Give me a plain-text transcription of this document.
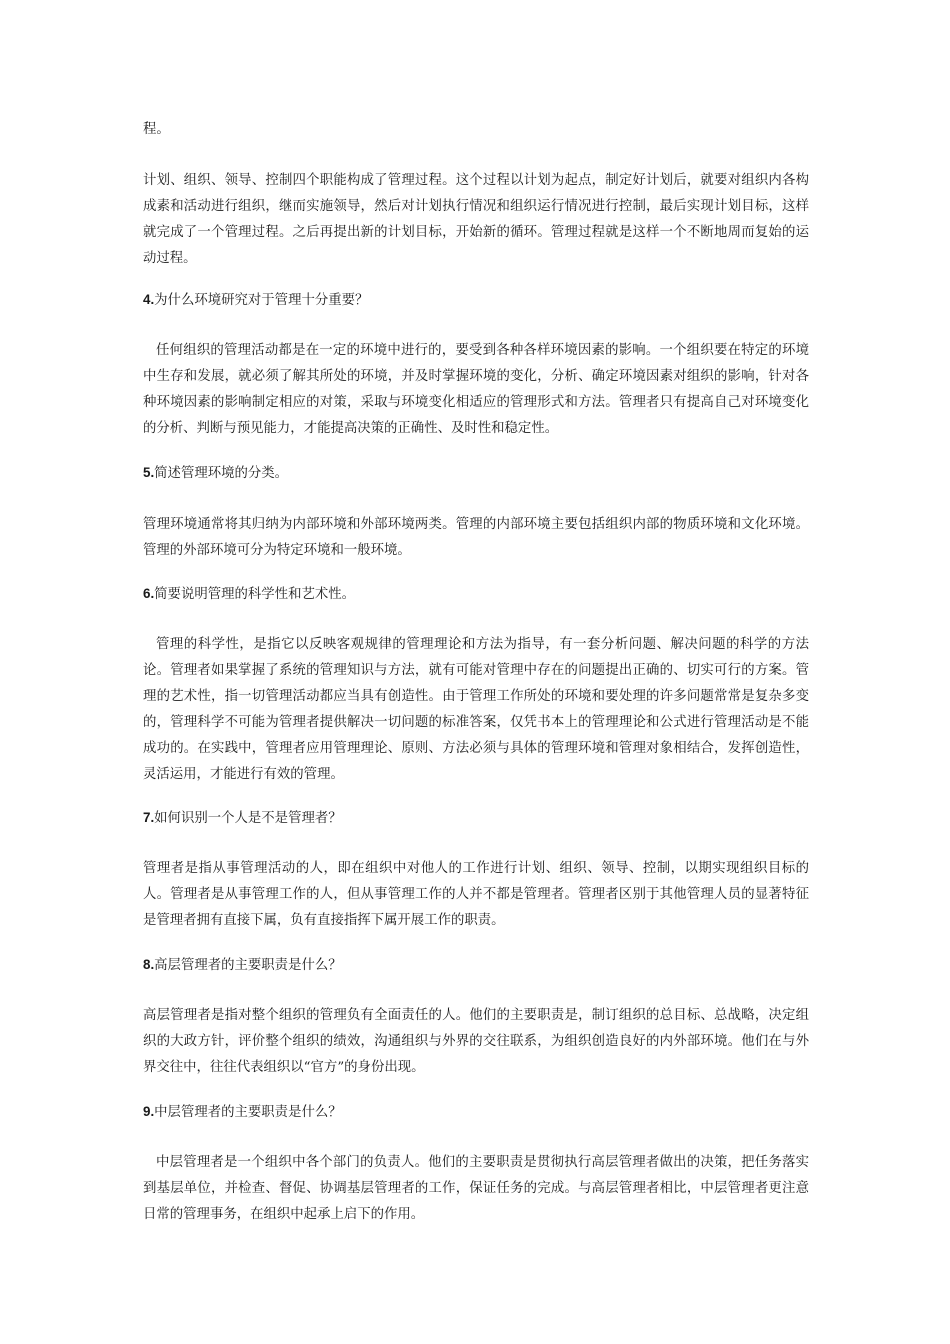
程。
计划、组织、领导、控制四个职能构成了管理过程。这个过程以计划为起点，制定好计划后，就要对组织内各构成素和活动进行组织，继而实施领导，然后对计划执行情况和组织运行情况进行控制，最后实现计划目标，这样就完成了一个管理过程。之后再提出新的计划目标，开始新的循环。管理过程就是这样一个不断地周而复始的运动过程。
4.为什么环境研究对于管理十分重要？
任何组织的管理活动都是在一定的环境中进行的，要受到各种各样环境因素的影响。一个组织要在特定的环境中生存和发展，就必须了解其所处的环境，并及时掌握环境的变化，分析、确定环境因素对组织的影响，针对各种环境因素的影响制定相应的对策，采取与环境变化相适应的管理形式和方法。管理者只有提高自己对环境变化的分析、判断与预见能力，才能提高决策的正确性、及时性和稳定性。
5.简述管理环境的分类。
管理环境通常将其归纳为内部环境和外部环境两类。管理的内部环境主要包括组织内部的物质环境和文化环境。管理的外部环境可分为特定环境和一般环境。
6.简要说明管理的科学性和艺术性。
管理的科学性，是指它以反映客观规律的管理理论和方法为指导，有一套分析问题、解决问题的科学的方法论。管理者如果掌握了系统的管理知识与方法，就有可能对管理中存在的问题提出正确的、切实可行的方案。管理的艺术性，指一切管理活动都应当具有创造性。由于管理工作所处的环境和要处理的许多问题常常是复杂多变的，管理科学不可能为管理者提供解决一切问题的标准答案，仅凭书本上的管理理论和公式进行管理活动是不能成功的。在实践中，管理者应用管理理论、原则、方法必须与具体的管理环境和管理对象相结合，发挥创造性，灵活运用，才能进行有效的管理。
7.如何识别一个人是不是管理者？
管理者是指从事管理活动的人，即在组织中对他人的工作进行计划、组织、领导、控制，以期实现组织目标的人。管理者是从事管理工作的人，但从事管理工作的人并不都是管理者。管理者区别于其他管理人员的显著特征是管理者拥有直接下属，负有直接指挥下属开展工作的职责。
8.高层管理者的主要职责是什么？
高层管理者是指对整个组织的管理负有全面责任的人。他们的主要职责是，制订组织的总目标、总战略，决定组织的大政方针，评价整个组织的绩效，沟通组织与外界的交往联系，为组织创造良好的内外部环境。他们在与外界交往中，往往代表组织以“官方”的身份出现。
9.中层管理者的主要职责是什么？
中层管理者是一个组织中各个部门的负责人。他们的主要职责是贯彻执行高层管理者做出的决策，把任务落实到基层单位，并检查、督促、协调基层管理者的工作，保证任务的完成。与高层管理者相比，中层管理者更注意日常的管理事务，在组织中起承上启下的作用。
